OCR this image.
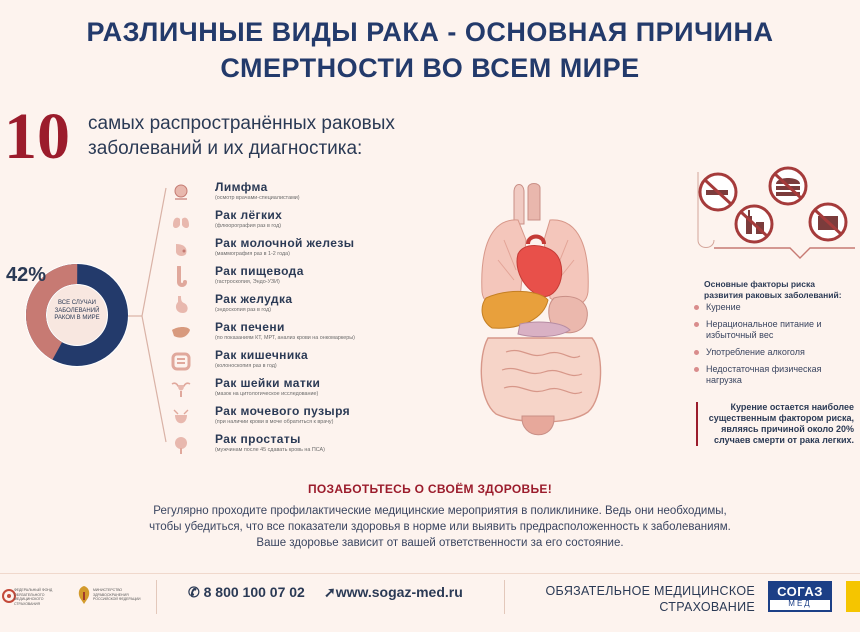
РАЗЛИЧНЫЕ ВИДЫ РАКА - ОСНОВНАЯ ПРИЧИНА
СМЕРТНОСТИ ВО ВСЕМ МИРЕ
10 самых распространённых раковых
заболеваний и их диагностика:
42%
ВСЕ СЛУЧАИ ЗАБОЛЕВАНИЙ РАКОМ В МИРЕ
Лимфма
(осмотр врачами-специалистами)
Рак лёгких
(флюорография раз в год)
Рак молочной железы
(маммография раз в 1-2 года)
Рак пищевода
(гастроскопия, Эндо-УЗИ)
Рак желудка
(эндоскопия раз в год)
Рак печени
(по показаниям КТ, МРТ, анализ крови на онкомаркеры)
Рак кишечника
(колоноскопия раз в год)
Рак шейки матки
(мазок на цитологическое исследование)
Рак мочевого пузыря
(при наличии крови в моче обратиться к врачу)
Рак простаты
(мужчинам после 45 сдавать кровь на ПСА)
Основные факторы риска развития раковых заболеваний:
Курение
Нерациональное питание и избыточный вес
Употребление алкоголя
Недостаточная физическая нагрузка
Курение остается наиболее существенным фактором риска, являясь причиной около 20% случаев смерти от рака легких.
ПОЗАБОТЬТЕСЬ О СВОЁМ ЗДОРОВЬЕ!
Регулярно проходите профилактические медицинские мероприятия в поликлинике. Ведь они необходимы,
чтобы убедиться, что все показатели здоровья в норме или выявить предрасположенность к заболеваниям.
Ваше здоровье зависит от вашей ответственности за его состояние.
ФЕДЕРАЛЬНЫЙ ФОНД ОБЯЗАТЕЛЬНОГО МЕДИЦИНСКОГО СТРАХОВАНИЯ
МИНИСТЕРСТВО ЗДРАВООХРАНЕНИЯ РОССИЙСКОЙ ФЕДЕРАЦИИ	✆ 8 800 100 07 02 ➚www.sogaz-med.ru	ОБЯЗАТЕЛЬНОЕ МЕДИЦИНСКОЕ
СТРАХОВАНИЕ
СОГАЗ
МЕД
